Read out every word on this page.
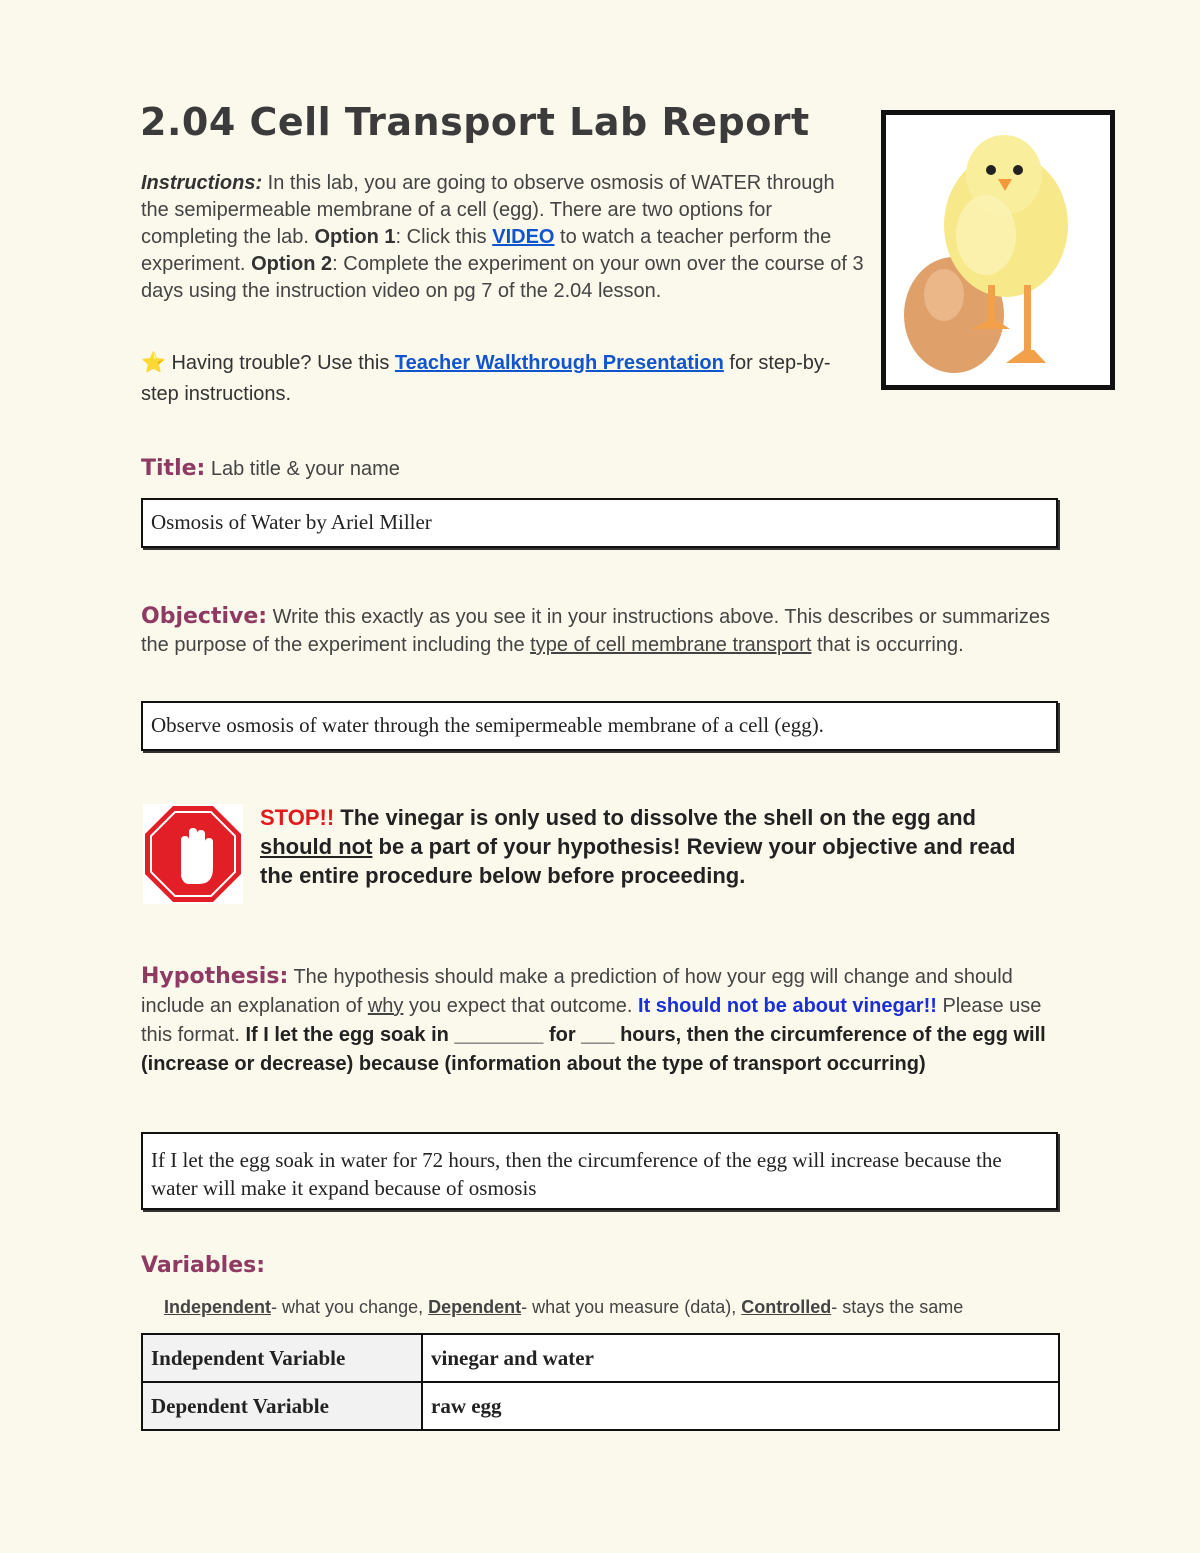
2.04 Cell Transport Lab Report
Instructions: In this lab, you are going to observe osmosis of WATER through the semipermeable membrane of a cell (egg). There are two options for completing the lab. Option 1: Click this VIDEO to watch a teacher perform the experiment. Option 2: Complete the experiment on your own over the course of 3 days using the instruction video on pg 7 of the 2.04 lesson.
⭐ Having trouble? Use this Teacher Walkthrough Presentation for step-by-step instructions.
Title: Lab title & your name
Osmosis of Water by Ariel Miller
Objective: Write this exactly as you see it in your instructions above. This describes or summarizes the purpose of the experiment including the type of cell membrane transport that is occurring.
Observe osmosis of water through the semipermeable membrane of a cell (egg).
STOP!! The vinegar is only used to dissolve the shell on the egg and should not be a part of your hypothesis! Review your objective and read the entire procedure below before proceeding.
Hypothesis: The hypothesis should make a prediction of how your egg will change and should include an explanation of why you expect that outcome. It should not be about vinegar!! Please use this format. If I let the egg soak in ________ for ___ hours, then the circumference of the egg will (increase or decrease) because (information about the type of transport occurring)
If I let the egg soak in water for 72 hours, then the circumference of the egg will increase because the water will make it expand because of osmosis
Variables:
Independent- what you change, Dependent- what you measure (data), Controlled- stays the same
Independent Variable	vinegar and water
Dependent Variable	raw egg
